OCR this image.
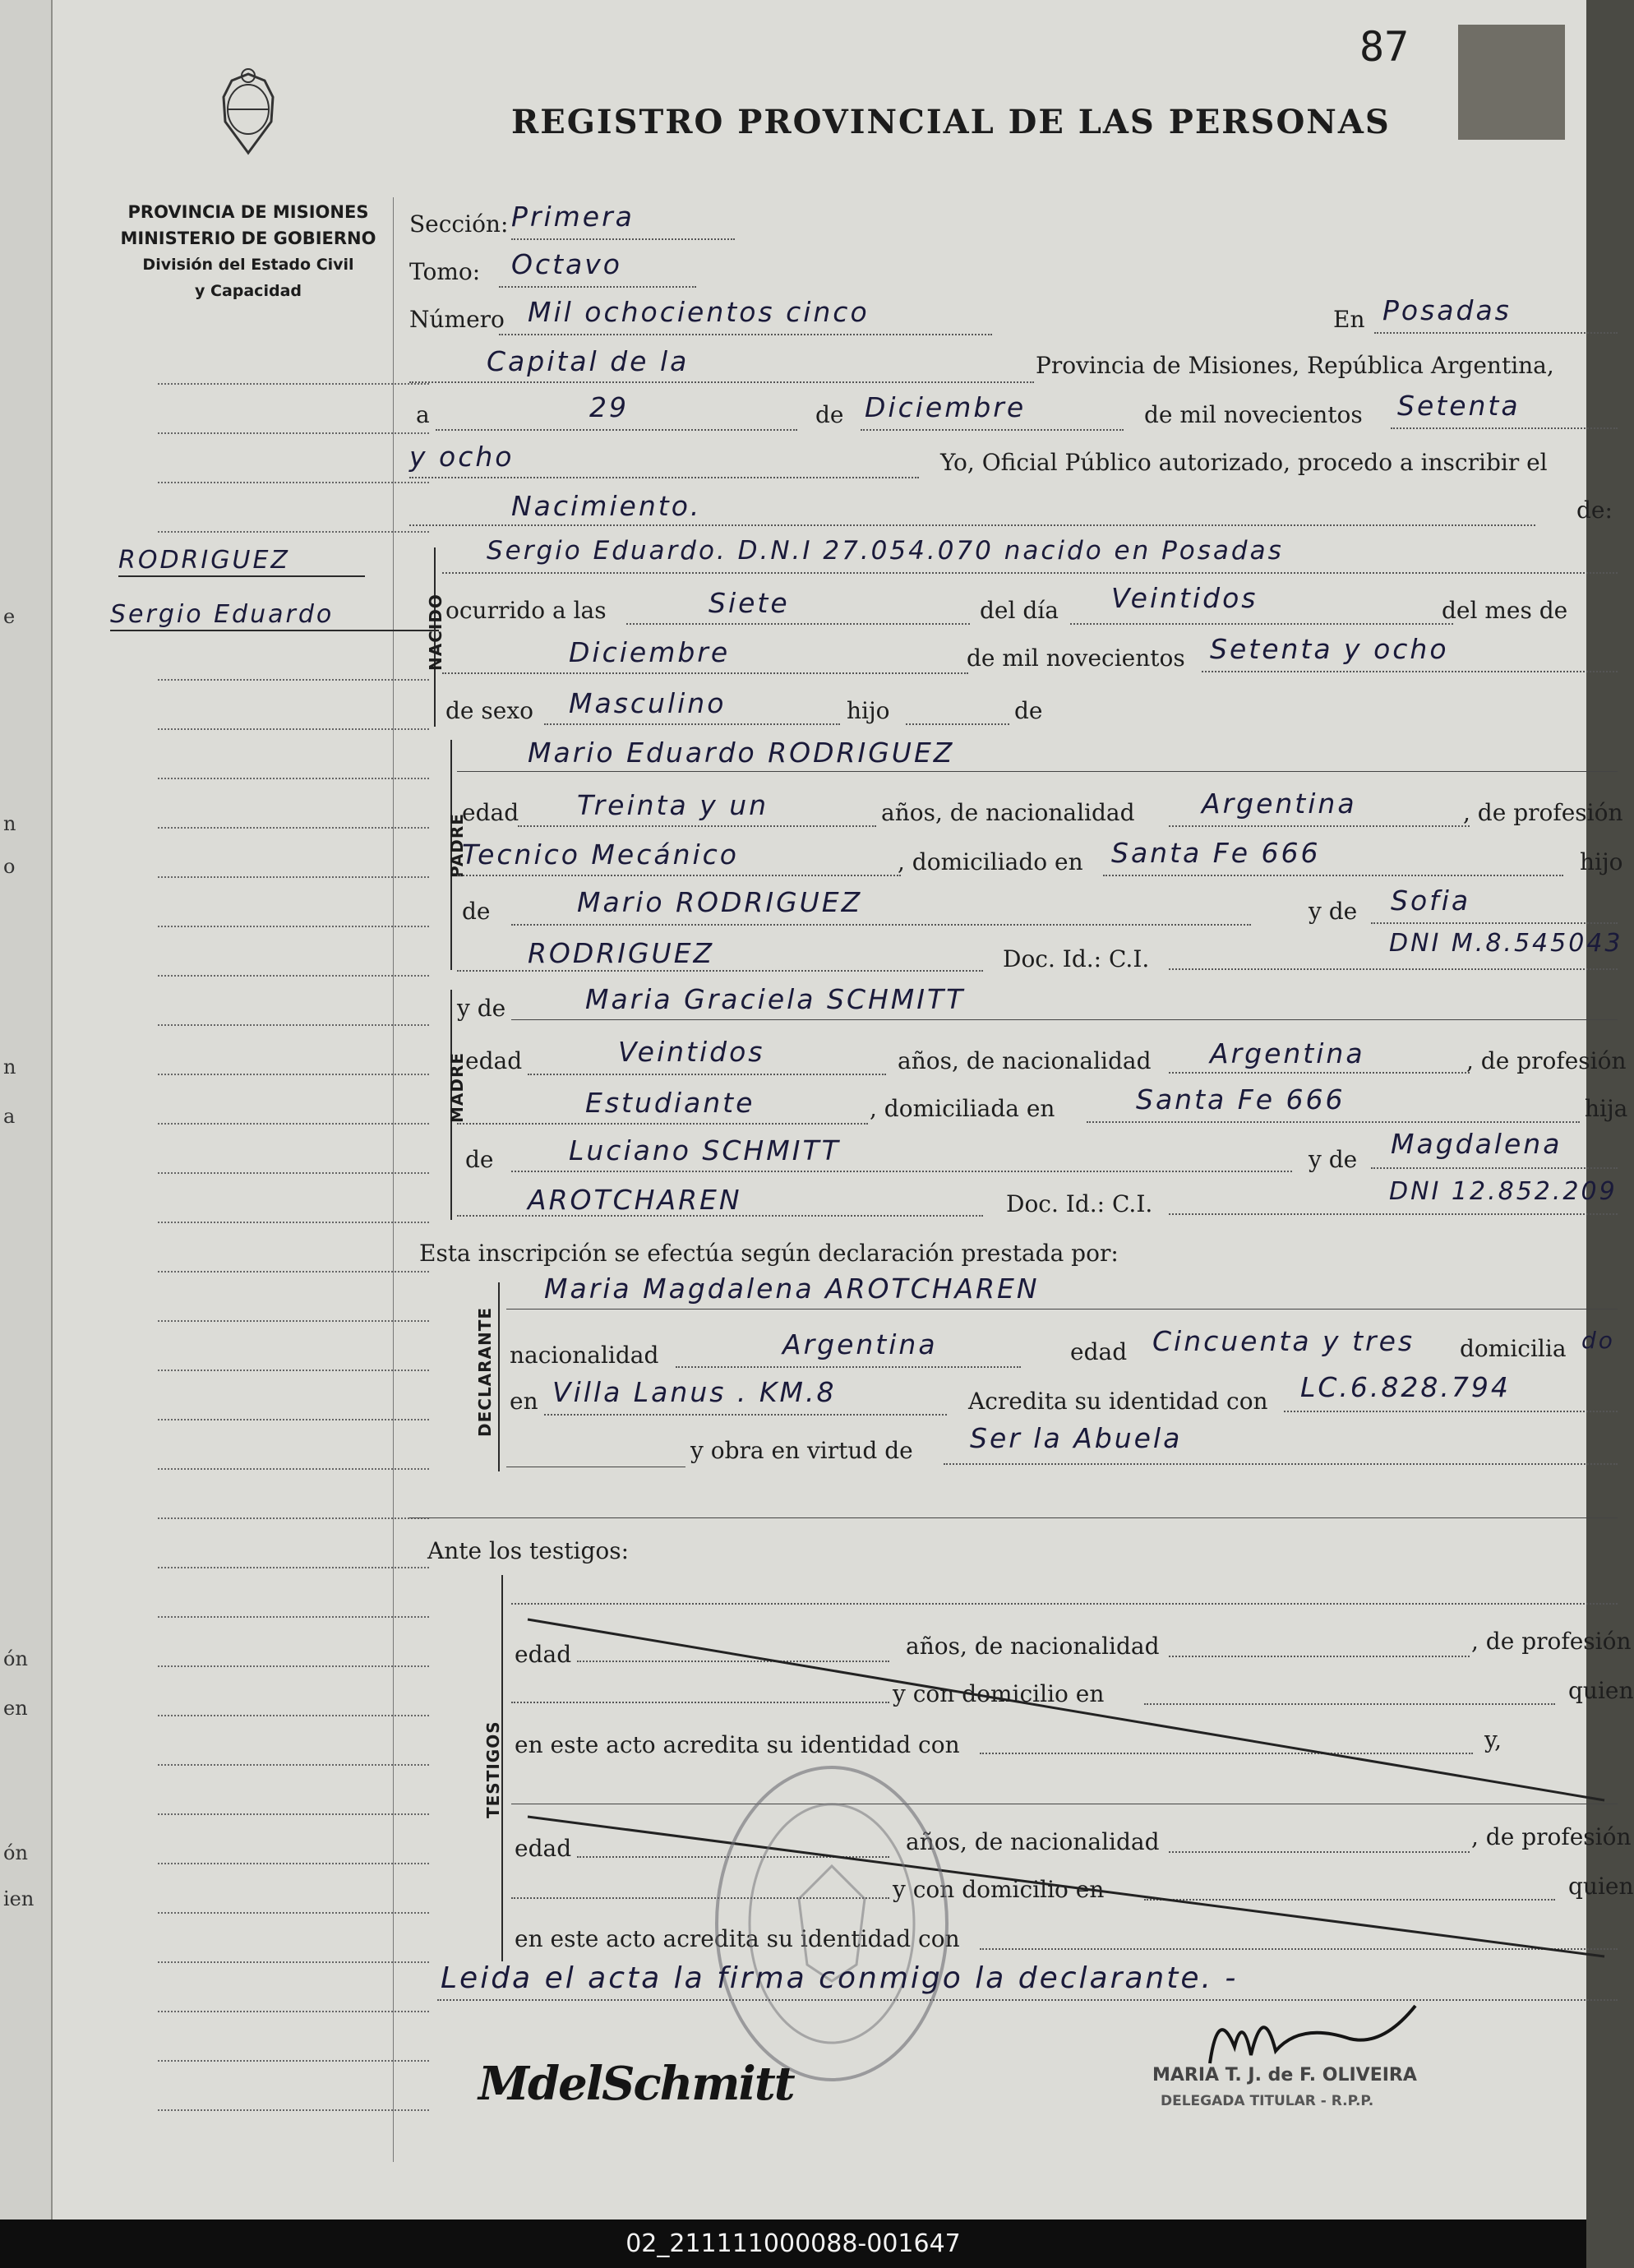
PROVINCIA DE MISIONES
MINISTERIO DE GOBIERNO
División del Estado Civil
y Capacidad
REGISTRO PROVINCIAL DE LAS PERSONAS
87
RODRIGUEZ
Sergio Eduardo
Sección: Primera
Tomo: Octavo
Número Mil ochocientos cinco	En Posadas
Capital de la	Provincia de Misiones, República Argentina,
a	29	de Diciembre	de mil novecientos Setenta
y ocho	Yo, Oficial Público autorizado, procedo a inscribir el
Nacimiento.	de:
NACIDO
Sergio Eduardo. D.N.I 27.054.070 nacido en Posadas
ocurrido a las	Siete	del día Veintidos	del mes de
Diciembre	de mil novecientos Setenta y ocho
de sexo Masculino	hijo	de
PADRE
Mario Eduardo RODRIGUEZ
edad Treinta y un	años, de nacionalidad Argentina	, de profesión
Tecnico Mecánico	, domiciliado en Santa Fe 666	hijo
de	Mario RODRIGUEZ	y de Sofia
RODRIGUEZ	Doc. Id.: C.I.
DNI M.8.545043
MADRE
y de	Maria Graciela SCHMITT
edad	Veintidos	años, de nacionalidad Argentina	, de profesión
Estudiante	, domiciliada en	Santa Fe 666	hija
de	Luciano SCHMITT	y de Magdalena
AROTCHAREN	Doc. Id.: C.I.	DNI 12.852.209
Esta inscripción se efectúa según declaración prestada por:
DECLARANTE
Maria Magdalena AROTCHAREN
nacionalidad	Argentina	edad Cincuenta y tres domicilia do
en Villa Lanus . KM.8	Acredita su identidad con LC.6.828.794
y obra en virtud de Ser la Abuela
Ante los testigos:
TESTIGOS
edad	años, de nacionalidad	, de profesión
y con domicilio en	quien
en este acto acredita su identidad con	y,
edad	años, de nacionalidad	, de profesión
y con domicilio en	quien
en este acto acredita su identidad con
Leida el acta la firma conmigo la declarante. -
MdelSchmitt	MARIA T. J. de F. OLIVEIRA
DELEGADA TITULAR - R.P.P.
e
n
o
n
a
ón
en
ón
ien
02_211111000088-001647
